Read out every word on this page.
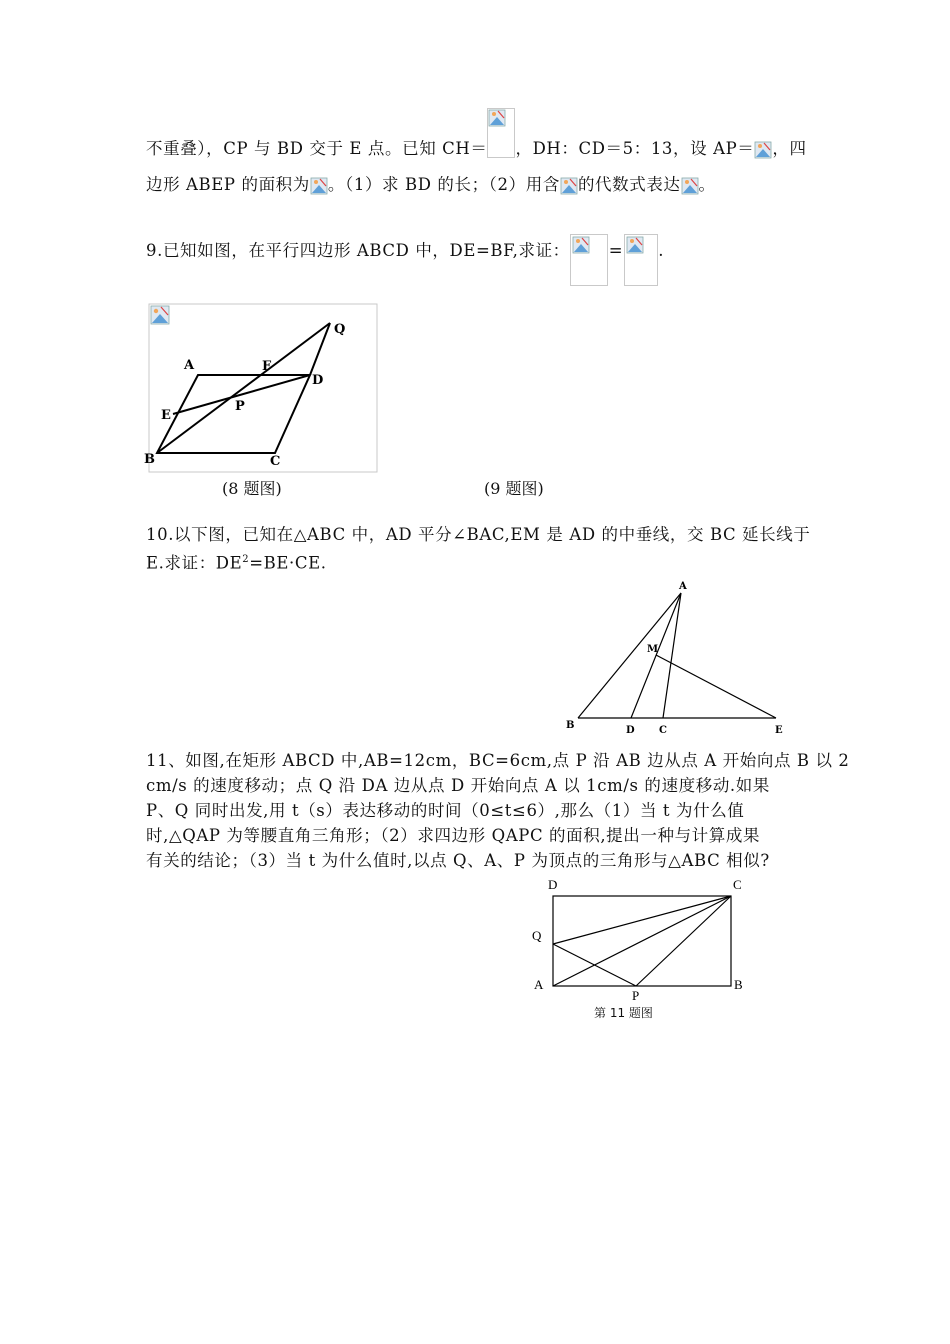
不重叠），CP 与 BD 交于 E 点。已知 CH＝ ，DH：CD＝5：13，设 AP＝ ，四
边形 ABEP 的面积为 。（1）求 BD 的长；（2）用含 的代数式表达 。
9.已知如图，在平行四边形 ABCD 中，DE=BF,求证： = .
Q
A	F
D
E
P
B	C
(8 题图)	(9 题图)
10.以下图，已知在△ABC 中，AD 平分∠BAC,EM 是 AD 的中垂线，交 BC 延长线于
E.求证：$DE^2=BE\cdot CE$.
A
M
B	D C	E
11、如图,在矩形 ABCD 中,AB=12cm，BC=6cm,点 P 沿 AB 边从点 A 开始向点 B 以 2
cm/s 的速度移动；点 Q 沿 DA 边从点 D 开始向点 A 以 1cm/s 的速度移动.如果
P、Q 同时出发,用 t（s）表达移动的时间（0≤t≤6）,那么（1）当 t 为什么值
时,△QAP 为等腰直角三角形；（2）求四边形 QAPC 的面积,提出一种与计算成果
有关的结论；（3）当 t 为什么值时,以点 Q、A、P 为顶点的三角形与△ABC 相似?
D	C
Q
A
P
B
第 11 题图
